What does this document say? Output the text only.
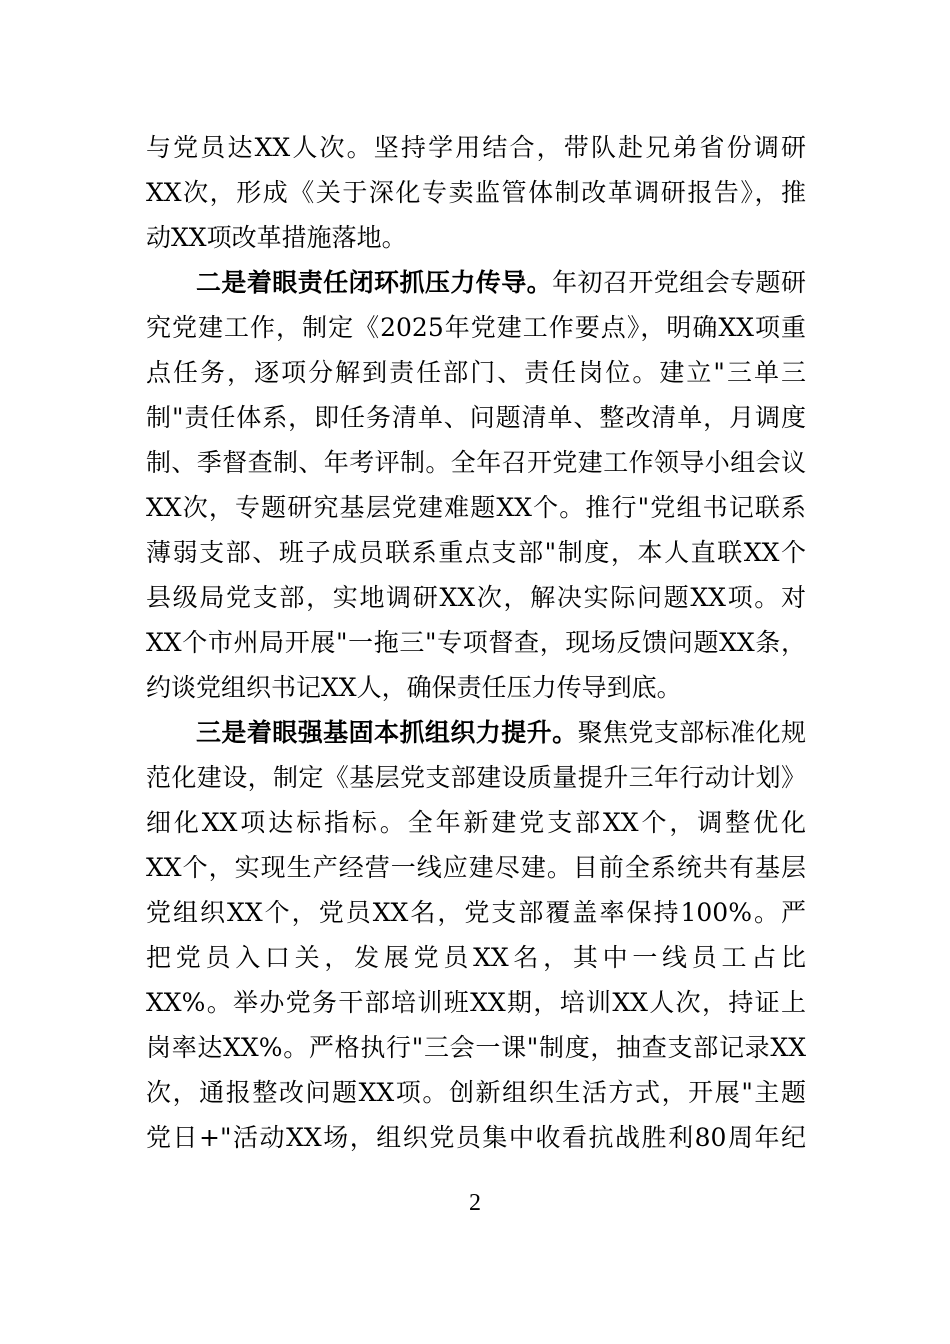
与党员达XX人次。坚持学用结合，带队赴兄弟省份调研
XX次，形成《关于深化专卖监管体制改革调研报告》，推
动XX项改革措施落地。
二是着眼责任闭环抓压力传导。年初召开党组会专题研
究党建工作，制定《2025年党建工作要点》，明确XX项重
点任务，逐项分解到责任部门、责任岗位。建立"三单三
制"责任体系，即任务清单、问题清单、整改清单，月调度
制、季督查制、年考评制。全年召开党建工作领导小组会议
XX次，专题研究基层党建难题XX个。推行"党组书记联系
薄弱支部、班子成员联系重点支部"制度，本人直联XX个
县级局党支部，实地调研XX次，解决实际问题XX项。对
XX个市州局开展"一拖三"专项督查，现场反馈问题XX条，
约谈党组织书记XX人，确保责任压力传导到底。
三是着眼强基固本抓组织力提升。聚焦党支部标准化规
范化建设，制定《基层党支部建设质量提升三年行动计划》
细化XX项达标指标。全年新建党支部XX个，调整优化
XX个，实现生产经营一线应建尽建。目前全系统共有基层
党组织XX个，党员XX名，党支部覆盖率保持100%。严
把党员入口关，发展党员XX名，其中一线员工占比
XX%。举办党务干部培训班XX期，培训XX人次，持证上
岗率达XX%。严格执行"三会一课"制度，抽查支部记录XX
次，通报整改问题XX项。创新组织生活方式，开展"主题
党日+"活动XX场，组织党员集中收看抗战胜利80周年纪
2
